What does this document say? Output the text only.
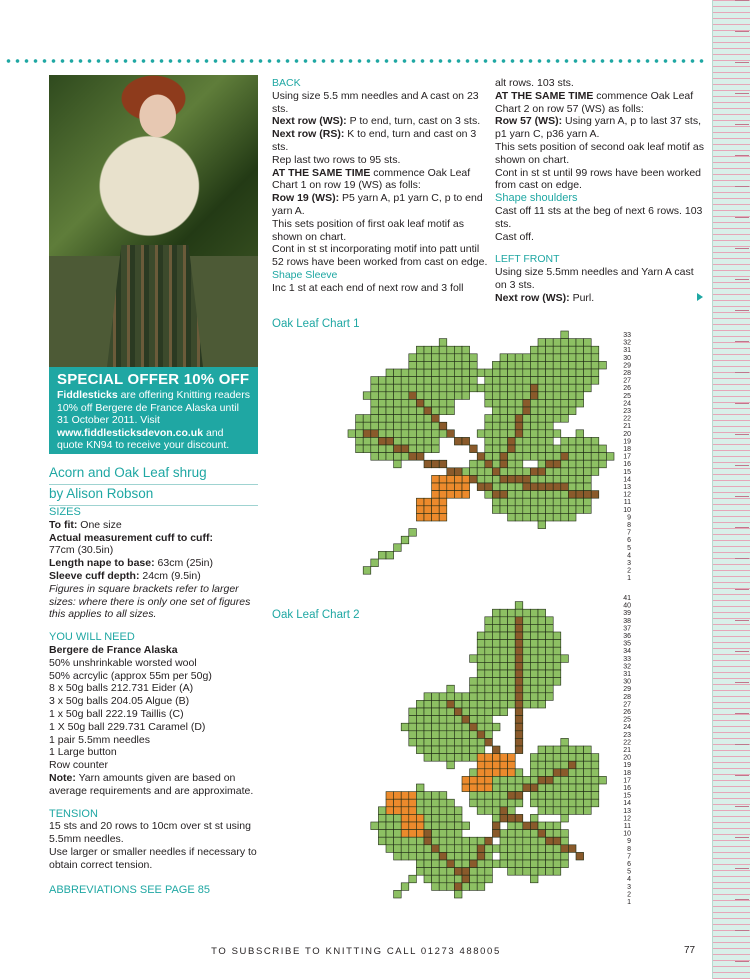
SPECIAL OFFER 10% OFF

Fiddlesticks are offering Knitting readers 10% off Bergere de France Alaska until 31 October 2011. Visit www.fiddlesticksdevon.co.uk and quote KN94 to receive your discount.

Acorn and Oak Leaf shrug
by Alison Robson
SIZES
To fit: One size
Actual measurement cuff to cuff:
77cm (30.5in)
Length nape to base: 63cm (25in)
Sleeve cuff depth: 24cm (9.5in)
Figures in square brackets refer to larger sizes: where there is only one set of figures this applies to all sizes.
YOU WILL NEED
Bergere de France Alaska
50% unshrinkable worsted wool
50% acrcylic (approx 55m per 50g)
8 x 50g balls 212.731 Eider (A)
3 x 50g balls 204.05 Algue (B)
1 x 50g ball 222.19 Taillis (C)
1 X 50g ball 229.731 Caramel (D)
1 pair 5.5mm needles
1 Large button
Row counter
Note: Yarn amounts given are based on average requirements and are approximate.
TENSION
15 sts and 20 rows to 10cm over st st using 5.5mm needles.
Use larger or smaller needles if necessary to obtain correct tension.
ABBREVIATIONS SEE PAGE 85
BACK
Using size 5.5 mm needles and A cast on 23 sts.
Next row (WS): P to end, turn, cast on 3 sts.
Next row (RS): K to end, turn and cast on 3 sts.
Rep last two rows to 95 sts.
AT THE SAME TIME commence Oak Leaf Chart 1 on row 19 (WS) as folls:
Row 19 (WS): P5 yarn A, p1 yarn C, p to end yarn A.
This sets position of first oak leaf motif as shown on chart.
Cont in st st incorporating motif into patt until 52 rows have been worked from cast on edge.
Shape Sleeve
Inc 1 st at each end of next row and 3 foll
alt rows. 103 sts.
AT THE SAME TIME commence Oak Leaf Chart 2 on row 57 (WS) as folls:
Row 57 (WS): Using yarn A, p to last 37 sts, p1 yarn C, p36 yarn A.
This sets position of second oak leaf motif as shown on chart.
Cont in st st until 99 rows have been worked from cast on edge.
Shape shoulders
Cast off 11 sts at the beg of next 6 rows. 103 sts.
Cast off.
LEFT FRONT
Using size 5.5mm needles and Yarn A cast on 3 sts.
Next row (WS): Purl.
Oak Leaf Chart 1
33
32
31
30
29
28
27
26
25
24
23
22
21
20
19
18
17
16
15
14
13
12
11
10
9
8
7
6
5
4
3
2
1
Oak Leaf Chart 2
41
40
39
38
37
36
35
34
33
32
31
30
29
28
27
26
25
24
23
22
21
20
19
18
17
16
15
14
13
12
11
10
9
8
7
6
5
4
3
2
1
TO SUBSCRIBE TO KNITTING CALL 01273 488005	77
